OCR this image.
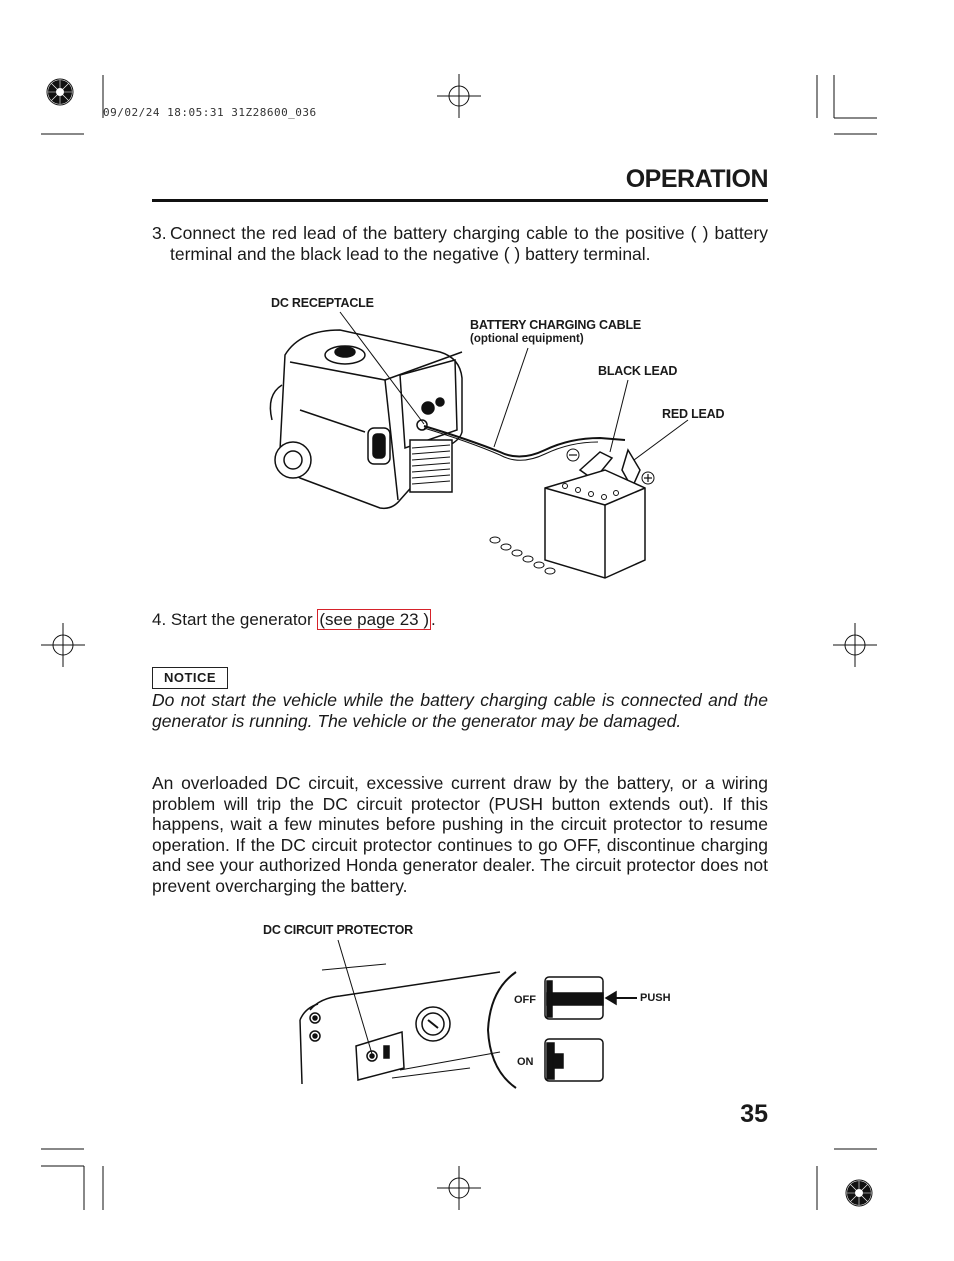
09/02/24 18:05:31 31Z28600_036
OPERATION
3. Connect the red lead of the battery charging cable to the positive ( ) battery terminal and the black lead to the negative ( ) battery terminal.
DC RECEPTACLE
BATTERY CHARGING CABLE
(optional equipment)
BLACK LEAD
RED LEAD
4. Start the generator (see page 23 ) .
NOTICE
Do not start the vehicle while the battery charging cable is connected and the generator is running. The vehicle or the generator may be damaged.
An overloaded DC circuit, excessive current draw by the battery, or a wiring problem will trip the DC circuit protector (PUSH button extends out). If this happens, wait a few minutes before pushing in the circuit protector to resume operation. If the DC circuit protector continues to go OFF, discontinue charging and see your authorized Honda generator dealer. The circuit protector does not prevent overcharging the battery.
DC CIRCUIT PROTECTOR
OFF	PUSH
ON
35
